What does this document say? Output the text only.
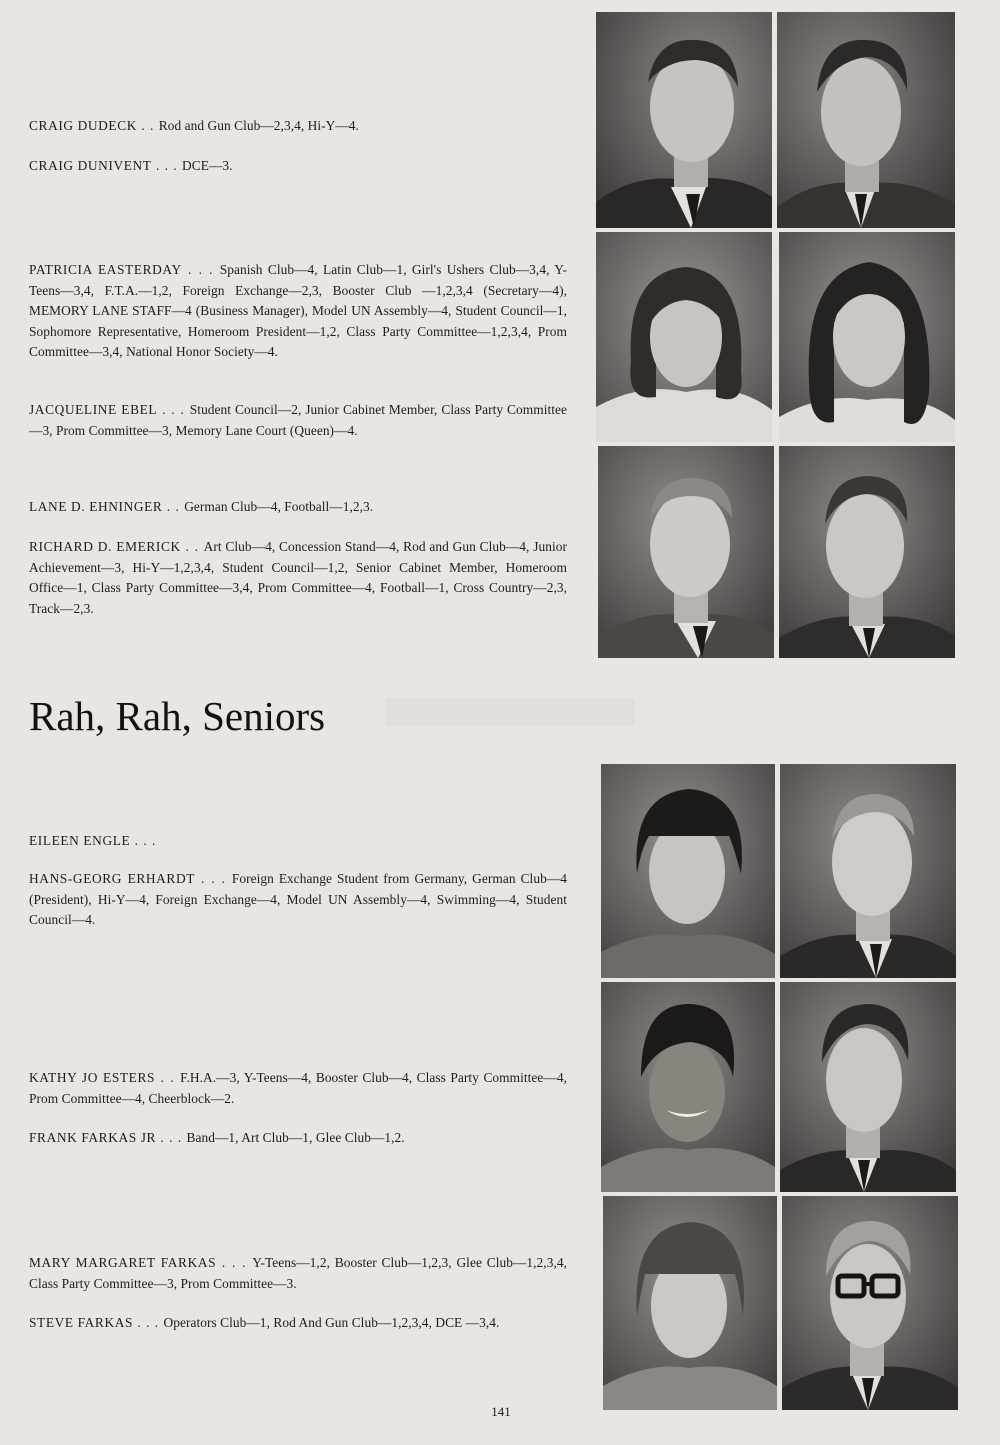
CRAIG DUDECK . . Rod and Gun Club—2,3,4, Hi-Y—4.
CRAIG DUNIVENT . . . DCE—3.
PATRICIA EASTERDAY . . . Spanish Club—4, Latin Club—1, Girl's Ushers Club—3,4, Y-Teens—3,4, F.T.A.—1,2, Foreign Exchange—2,3, Booster Club —1,2,3,4 (Secretary—4), MEMORY LANE STAFF—4 (Business Manager), Model UN Assembly—4, Student Council—1, Sophomore Representative, Homeroom President—1,2, Class Party Committee—1,2,3,4, Prom Committee—3,4, National Honor Society—4.
JACQUELINE EBEL . . . Student Council—2, Junior Cabinet Member, Class Party Committee—3, Prom Committee—3, Memory Lane Court (Queen)—4.
LANE D. EHNINGER . . German Club—4, Football—1,2,3.
RICHARD D. EMERICK . . Art Club—4, Concession Stand—4, Rod and Gun Club—4, Junior Achievement—3, Hi-Y—1,2,3,4, Student Council—1,2, Senior Cabinet Member, Homeroom Office—1, Class Party Committee—3,4, Prom Committee—4, Football—1, Cross Country—2,3, Track—2,3.
Rah, Rah, Seniors
EILEEN ENGLE . . .
HANS-GEORG ERHARDT . . . Foreign Exchange Student from Germany, German Club—4 (President), Hi-Y—4, Foreign Exchange—4, Model UN Assembly—4, Swimming—4, Student Council—4.
KATHY JO ESTERS . . F.H.A.—3, Y-Teens—4, Booster Club—4, Class Party Committee—4, Prom Committee—4, Cheerblock—2.
FRANK FARKAS JR . . . Band—1, Art Club—1, Glee Club—1,2.
MARY MARGARET FARKAS . . . Y-Teens—1,2, Booster Club—1,2,3, Glee Club—1,2,3,4, Class Party Committee—3, Prom Committee—3.
STEVE FARKAS . . . Operators Club—1, Rod And Gun Club—1,2,3,4, DCE —3,4.
141
